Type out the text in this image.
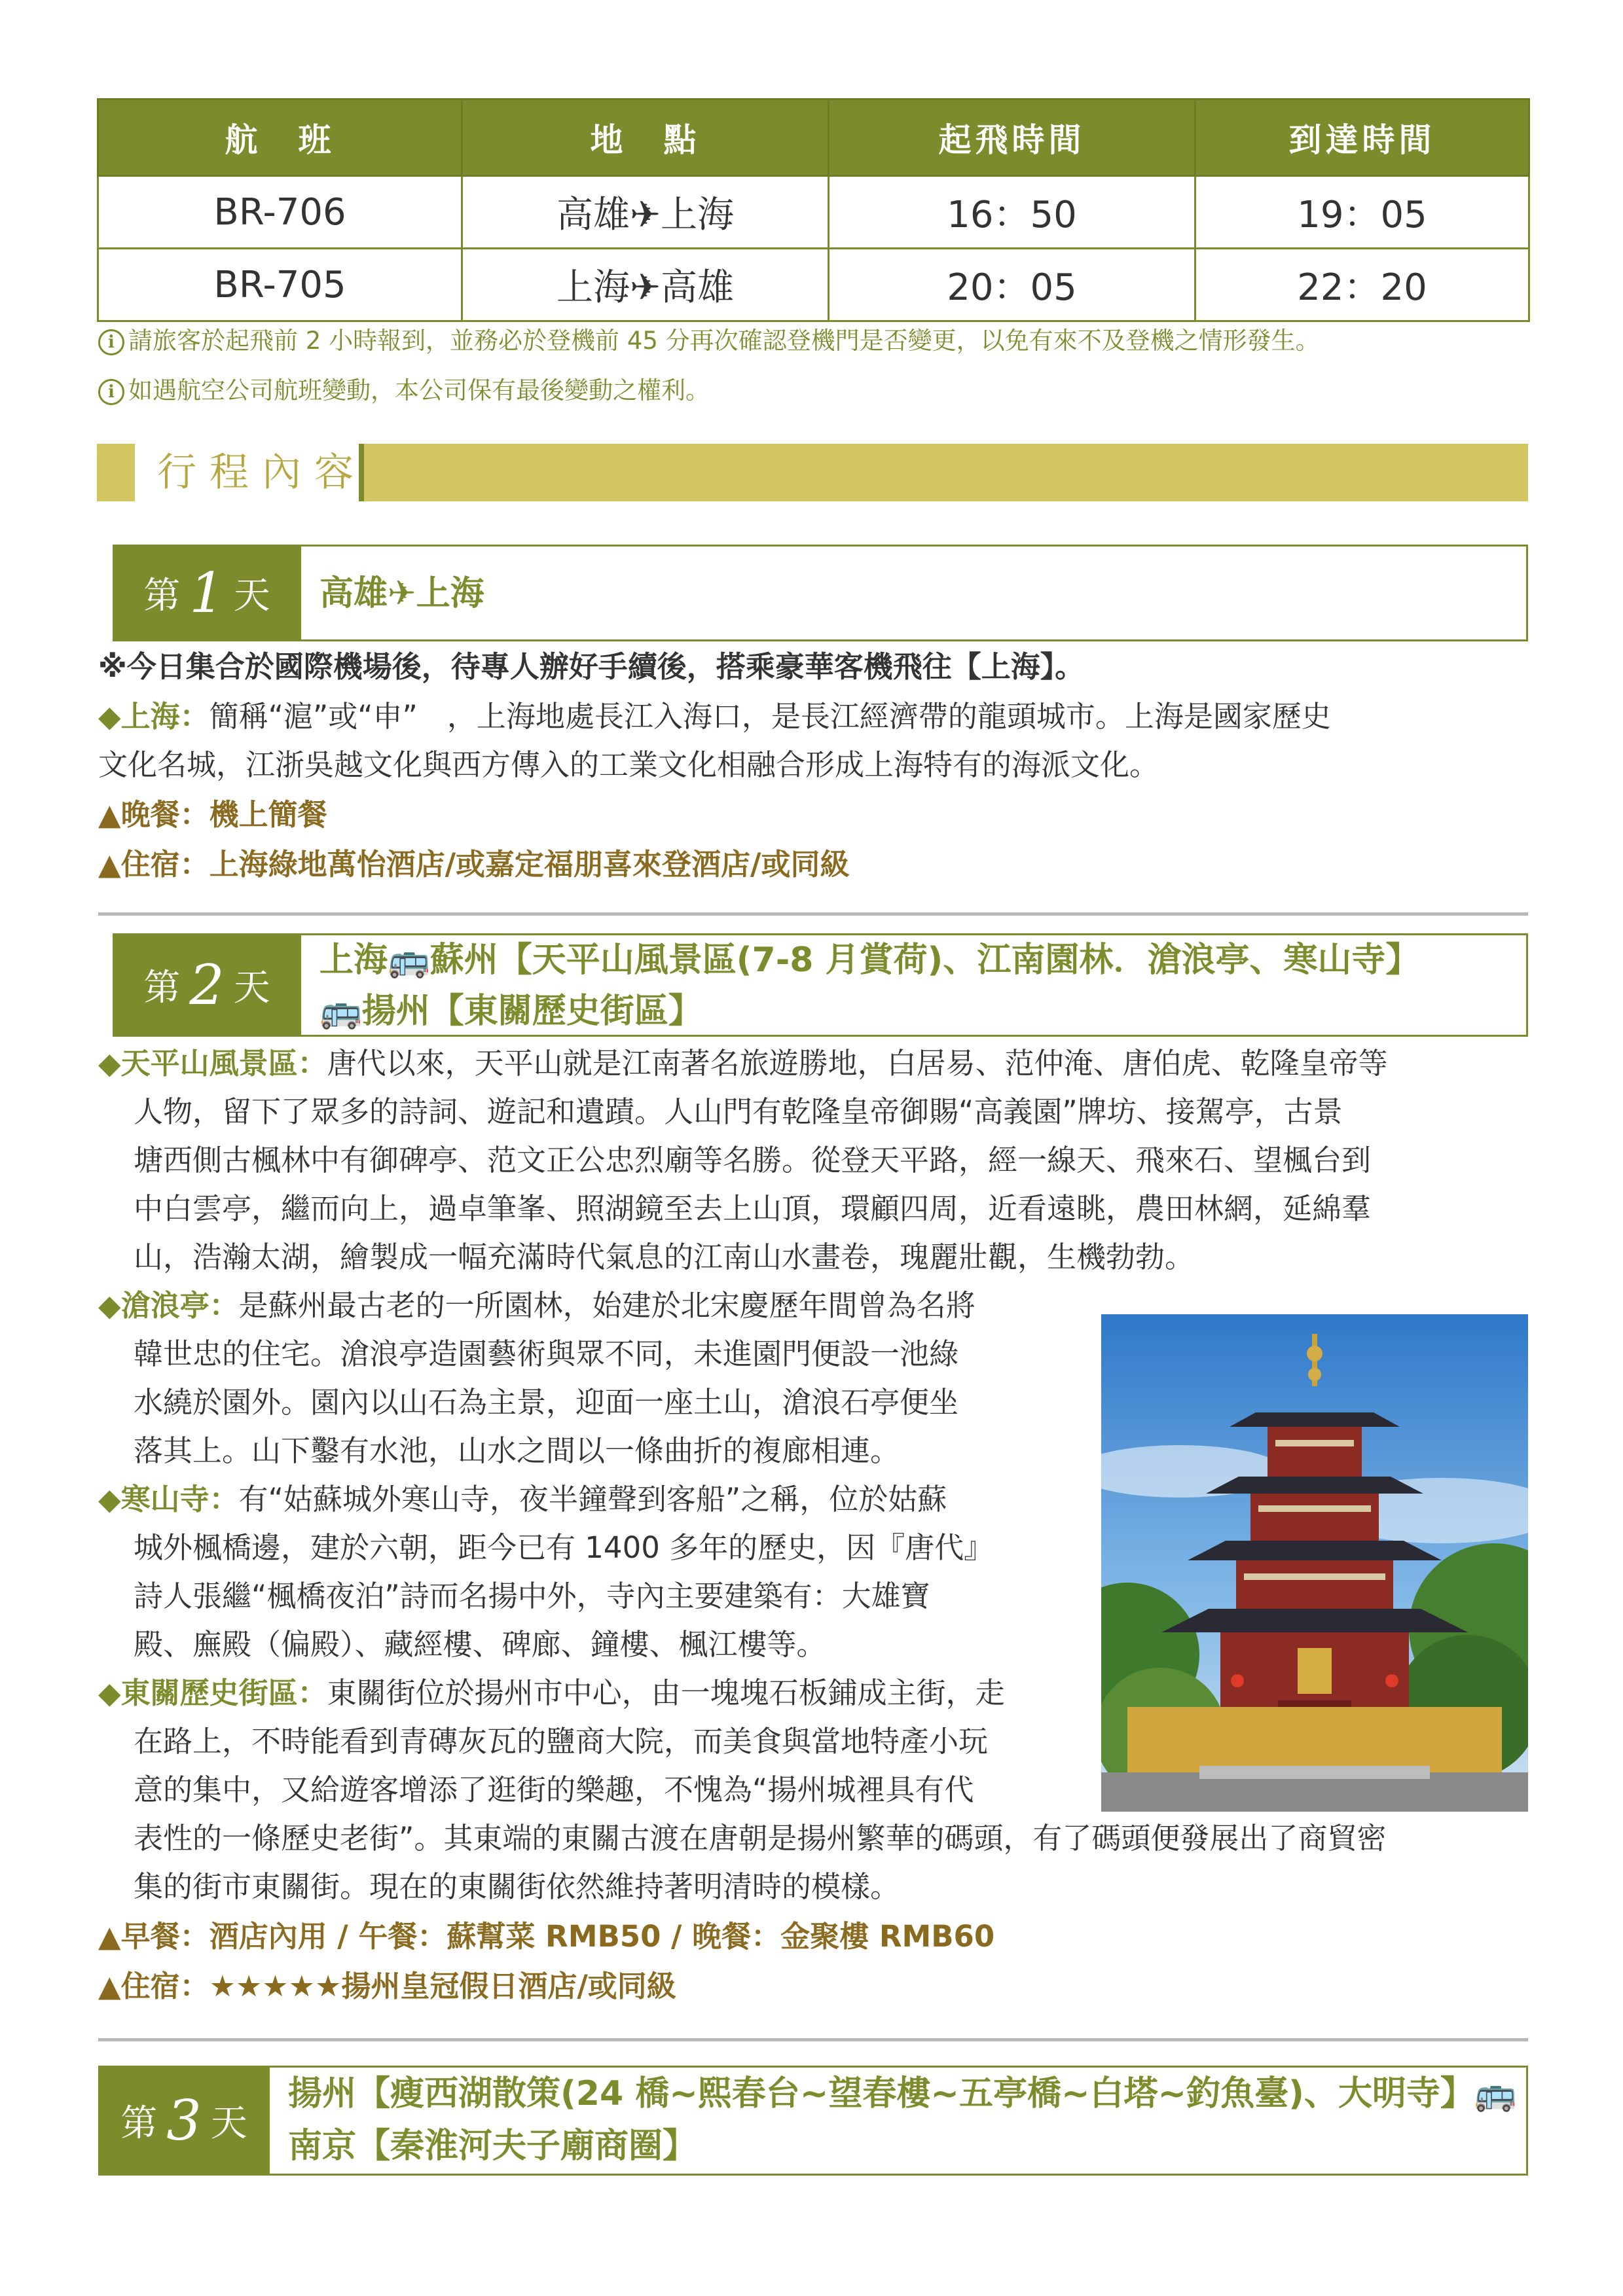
航　班	地　點	起飛時間	到達時間
BR-706	高雄✈上海	16：50	19：05
BR-705	上海✈高雄	20：05	22：20
i 請旅客於起飛前 2 小時報到，並務必於登機前 45 分再次確認登機門是否變更，以免有來不及登機之情形發生。
i 如遇航空公司航班變動，本公司保有最後變動之權利。
行程內容
第 1 天 高雄✈上海
※今日集合於國際機場後，待專人辦好手續後，搭乘豪華客機飛往【上海】。
◆上海：簡稱“滬”或“申”　，上海地處長江入海口，是長江經濟帶的龍頭城市。上海是國家歷史
文化名城，江浙吳越文化與西方傳入的工業文化相融合形成上海特有的海派文化。
▲晚餐：機上簡餐
▲住宿：上海綠地萬怡酒店/或嘉定福朋喜來登酒店/或同級
第 2 天
上海🚌蘇州【天平山風景區(7-8 月賞荷)、江南園林．滄浪亭、寒山寺】
🚌揚州【東關歷史街區】
◆天平山風景區：唐代以來，天平山就是江南著名旅遊勝地，白居易、范仲淹、唐伯虎、乾隆皇帝等
人物，留下了眾多的詩詞、遊記和遺蹟。人山門有乾隆皇帝御賜“高義園”牌坊、接駕亭，古景
塘西側古楓林中有御碑亭、范文正公忠烈廟等名勝。從登天平路，經一線天、飛來石、望楓台到
中白雲亭，繼而向上，過卓筆峯、照湖鏡至去上山頂，環顧四周，近看遠眺，農田林網，延綿羣
山，浩瀚太湖，繪製成一幅充滿時代氣息的江南山水畫卷，瑰麗壯觀，生機勃勃。
◆滄浪亭：是蘇州最古老的一所園林，始建於北宋慶歷年間曾為名將
韓世忠的住宅。滄浪亭造園藝術與眾不同，未進園門便設一池綠
水繞於園外。園內以山石為主景，迎面一座土山，滄浪石亭便坐
落其上。山下鑿有水池，山水之間以一條曲折的複廊相連。
◆寒山寺：有“姑蘇城外寒山寺，夜半鐘聲到客船”之稱，位於姑蘇
城外楓橋邊，建於六朝，距今已有 1400 多年的歷史，因『唐代』
詩人張繼“楓橋夜泊”詩而名揚中外，寺內主要建築有：大雄寶
殿、廡殿（偏殿）、藏經樓、碑廊、鐘樓、楓江樓等。
◆東關歷史街區：東關街位於揚州市中心，由一塊塊石板鋪成主街，走
在路上，不時能看到青磚灰瓦的鹽商大院，而美食與當地特產小玩
意的集中，又給遊客增添了逛街的樂趣，不愧為“揚州城裡具有代
表性的一條歷史老街”。其東端的東關古渡在唐朝是揚州繁華的碼頭，有了碼頭便發展出了商貿密
集的街市東關街。現在的東關街依然維持著明清時的模樣。
▲早餐：酒店內用 / 午餐：蘇幫菜 RMB50 / 晚餐：金聚樓 RMB60
▲住宿：★★★★★揚州皇冠假日酒店/或同級
第 3 天
揚州【瘦西湖散策(24 橋~熙春台~望春樓~五亭橋~白塔~釣魚臺)、大明寺】🚌
南京【秦淮河夫子廟商圈】
